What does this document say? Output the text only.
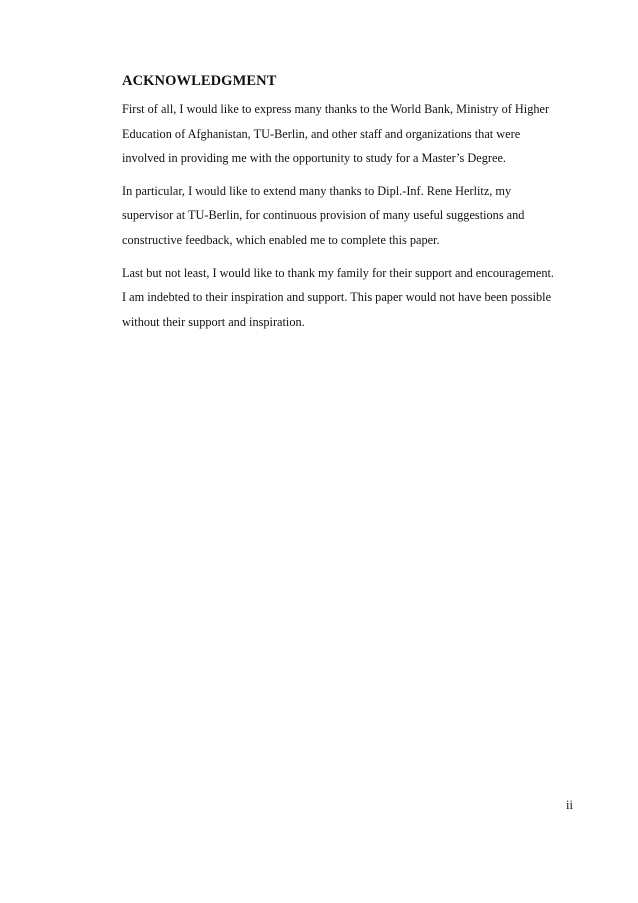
ACKNOWLEDGMENT

First of all, I would like to express many thanks to the World Bank, Ministry of Higher
Education of Afghanistan, TU-Berlin, and other staff and organizations that were
involved in providing me with the opportunity to study for a Master’s Degree.

In particular, I would like to extend many thanks to Dipl.-Inf. Rene Herlitz, my
supervisor at TU-Berlin, for continuous provision of many useful suggestions and
constructive feedback, which enabled me to complete this paper.

Last but not least, I would like to thank my family for their support and encouragement.
I am indebted to their inspiration and support. This paper would not have been possible
without their support and inspiration.

ii
